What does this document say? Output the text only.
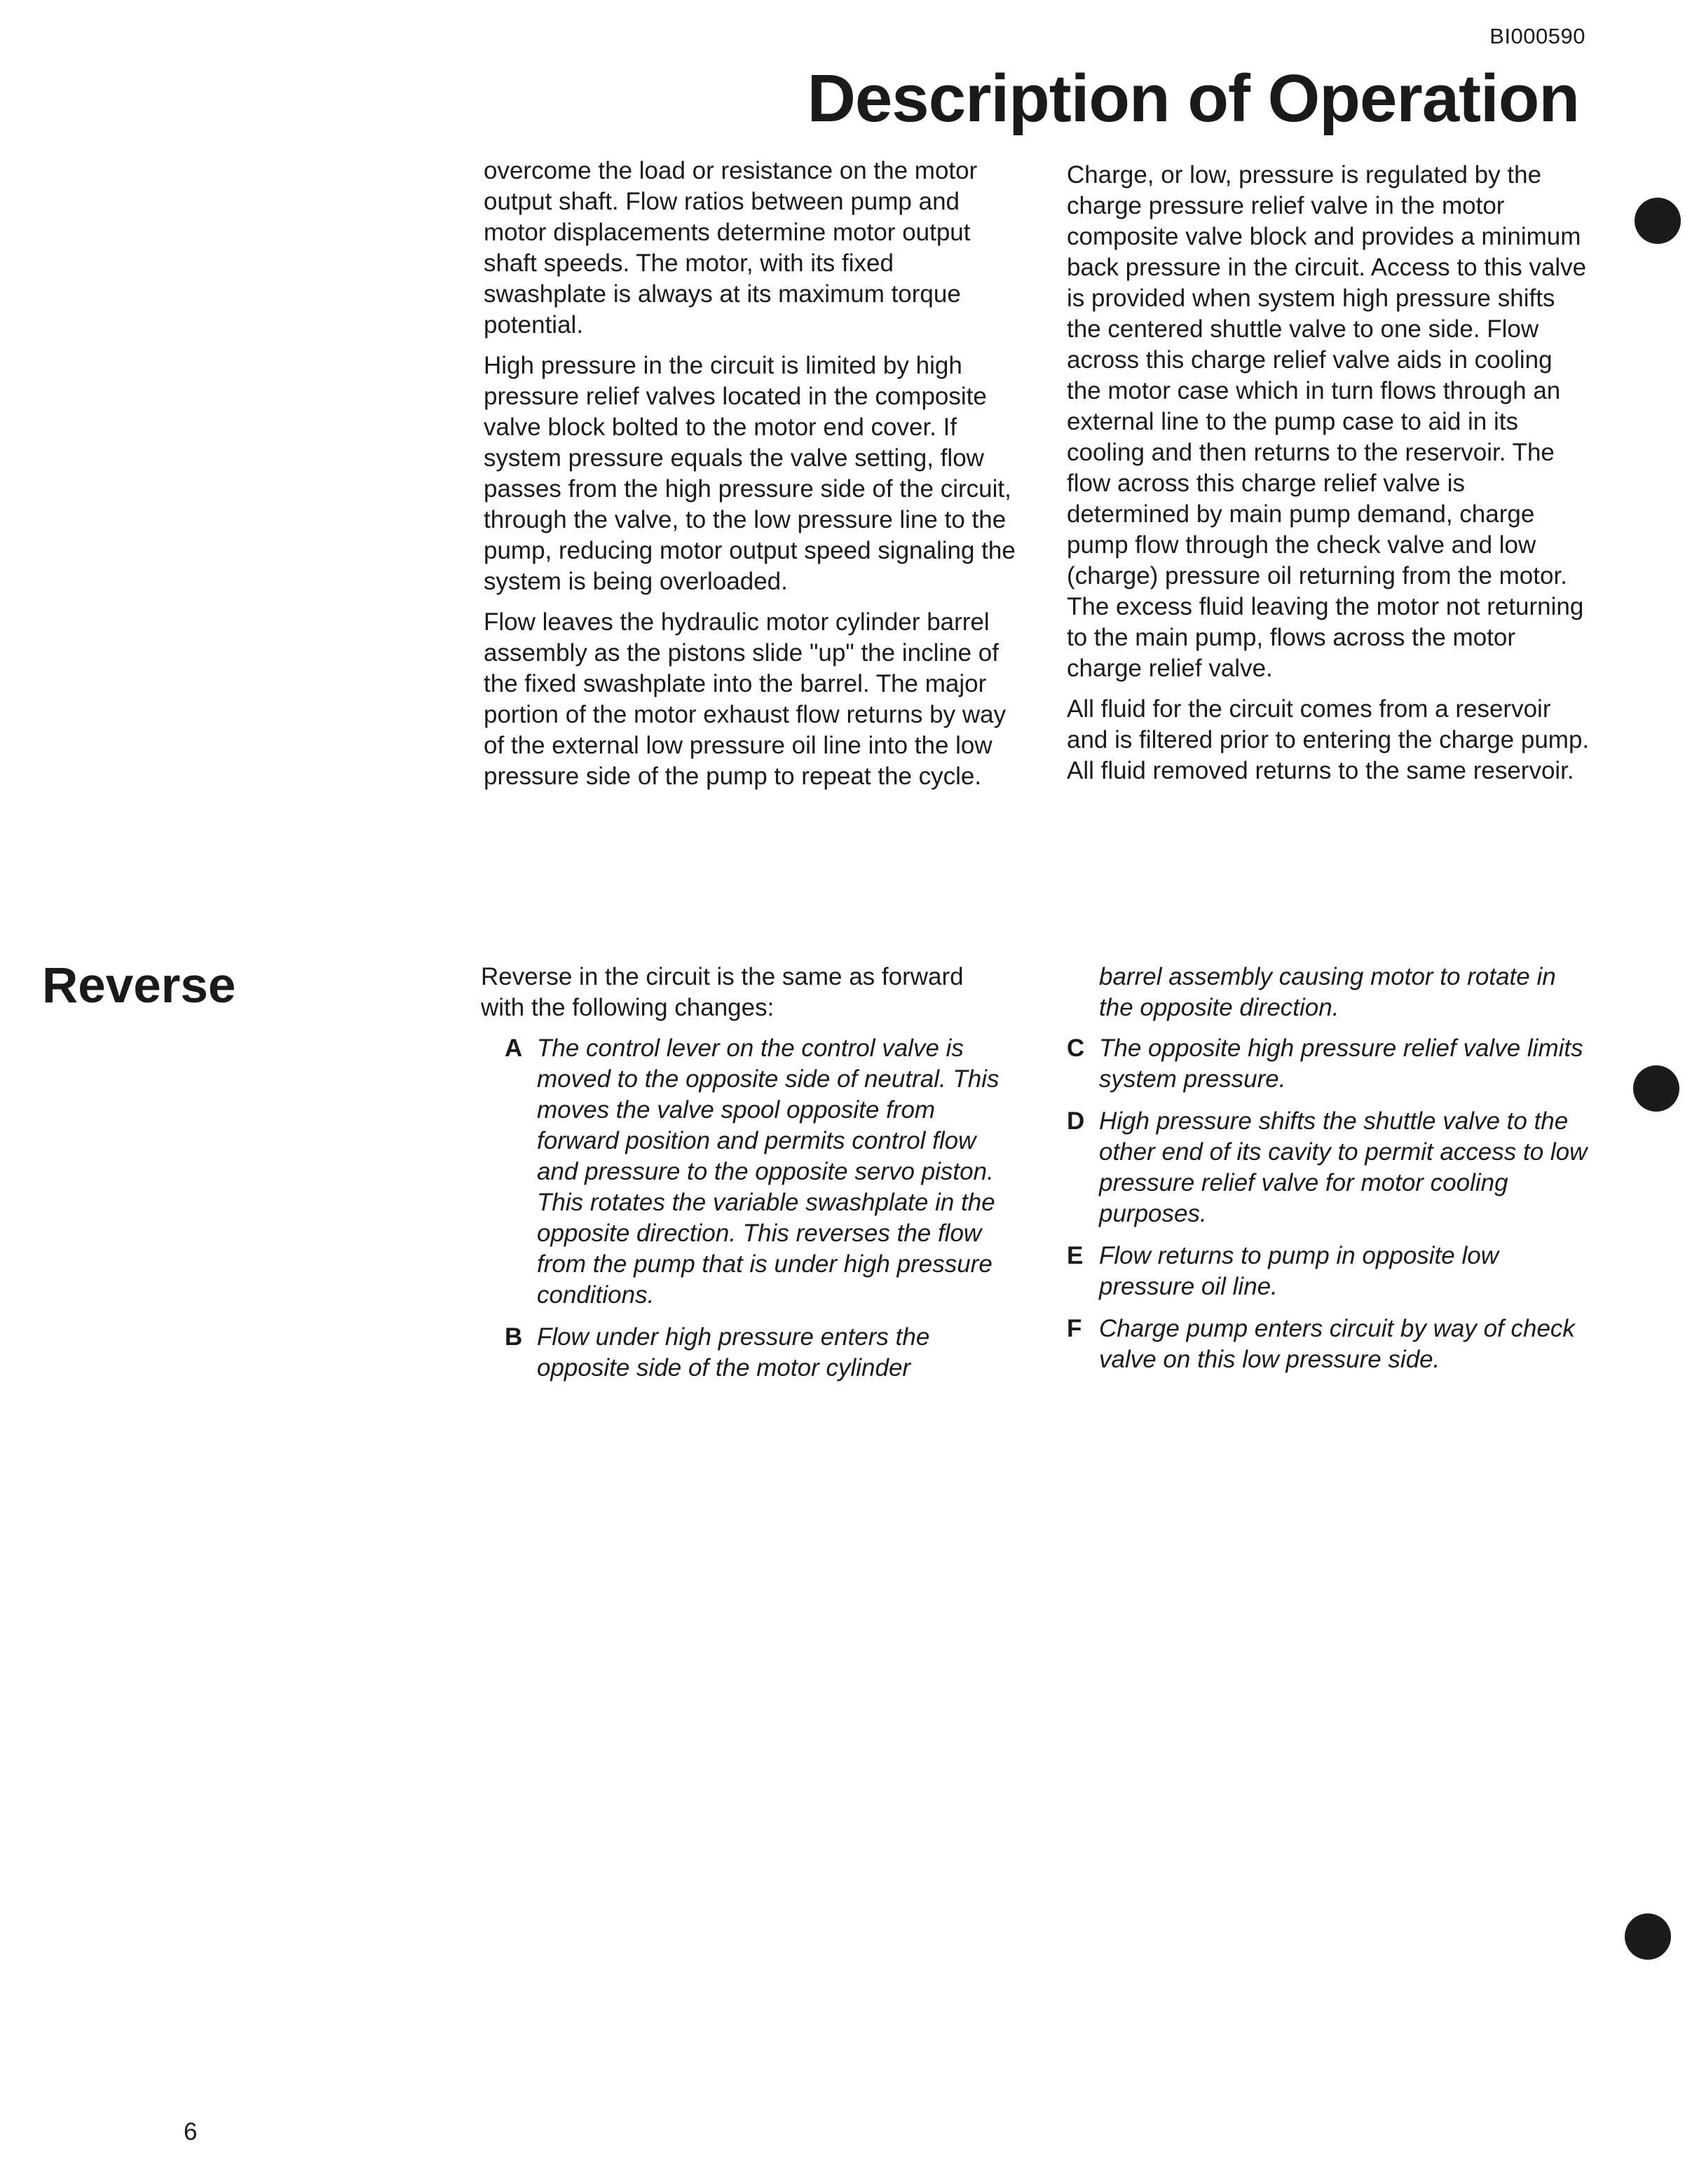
BI000590
Description of Operation

overcome the load or resistance on the motor output shaft. Flow ratios between pump and motor displacements determine motor output shaft speeds. The motor, with its fixed swashplate is always at its maximum torque potential.

High pressure in the circuit is limited by high pressure relief valves located in the composite valve block bolted to the motor end cover. If system pressure equals the valve setting, flow passes from the high pressure side of the circuit, through the valve, to the low pressure line to the pump, reducing motor output speed signaling the system is being overloaded.

Flow leaves the hydraulic motor cylinder barrel assembly as the pistons slide "up" the incline of the fixed swashplate into the barrel. The major portion of the motor exhaust flow returns by way of the external low pressure oil line into the low pressure side of the pump to repeat the cycle.

Charge, or low, pressure is regulated by the charge pressure relief valve in the motor composite valve block and provides a minimum back pressure in the circuit. Access to this valve is provided when system high pressure shifts the centered shuttle valve to one side. Flow across this charge relief valve aids in cooling the motor case which in turn flows through an external line to the pump case to aid in its cooling and then returns to the reservoir. The flow across this charge relief valve is determined by main pump demand, charge pump flow through the check valve and low (charge) pressure oil returning from the motor. The excess fluid leaving the motor not returning to the main pump, flows across the motor charge relief valve.

All fluid for the circuit comes from a reservoir and is filtered prior to entering the charge pump. All fluid removed returns to the same reservoir.

Reverse	Reverse in the circuit is the same as forward with the following changes:

A The control lever on the control valve is moved to the opposite side of neutral. This moves the valve spool opposite from forward position and permits control flow and pressure to the opposite servo piston. This rotates the variable swashplate in the opposite direction. This reverses the flow from the pump that is under high pressure conditions.
B Flow under high pressure enters the opposite side of the motor cylinder

barrel assembly causing motor to rotate in the opposite direction.

C The opposite high pressure relief valve limits system pressure.
D High pressure shifts the shuttle valve to the other end of its cavity to permit access to low pressure relief valve for motor cooling purposes.
E Flow returns to pump in opposite low pressure oil line.
F Charge pump enters circuit by way of check valve on this low pressure side.
6
